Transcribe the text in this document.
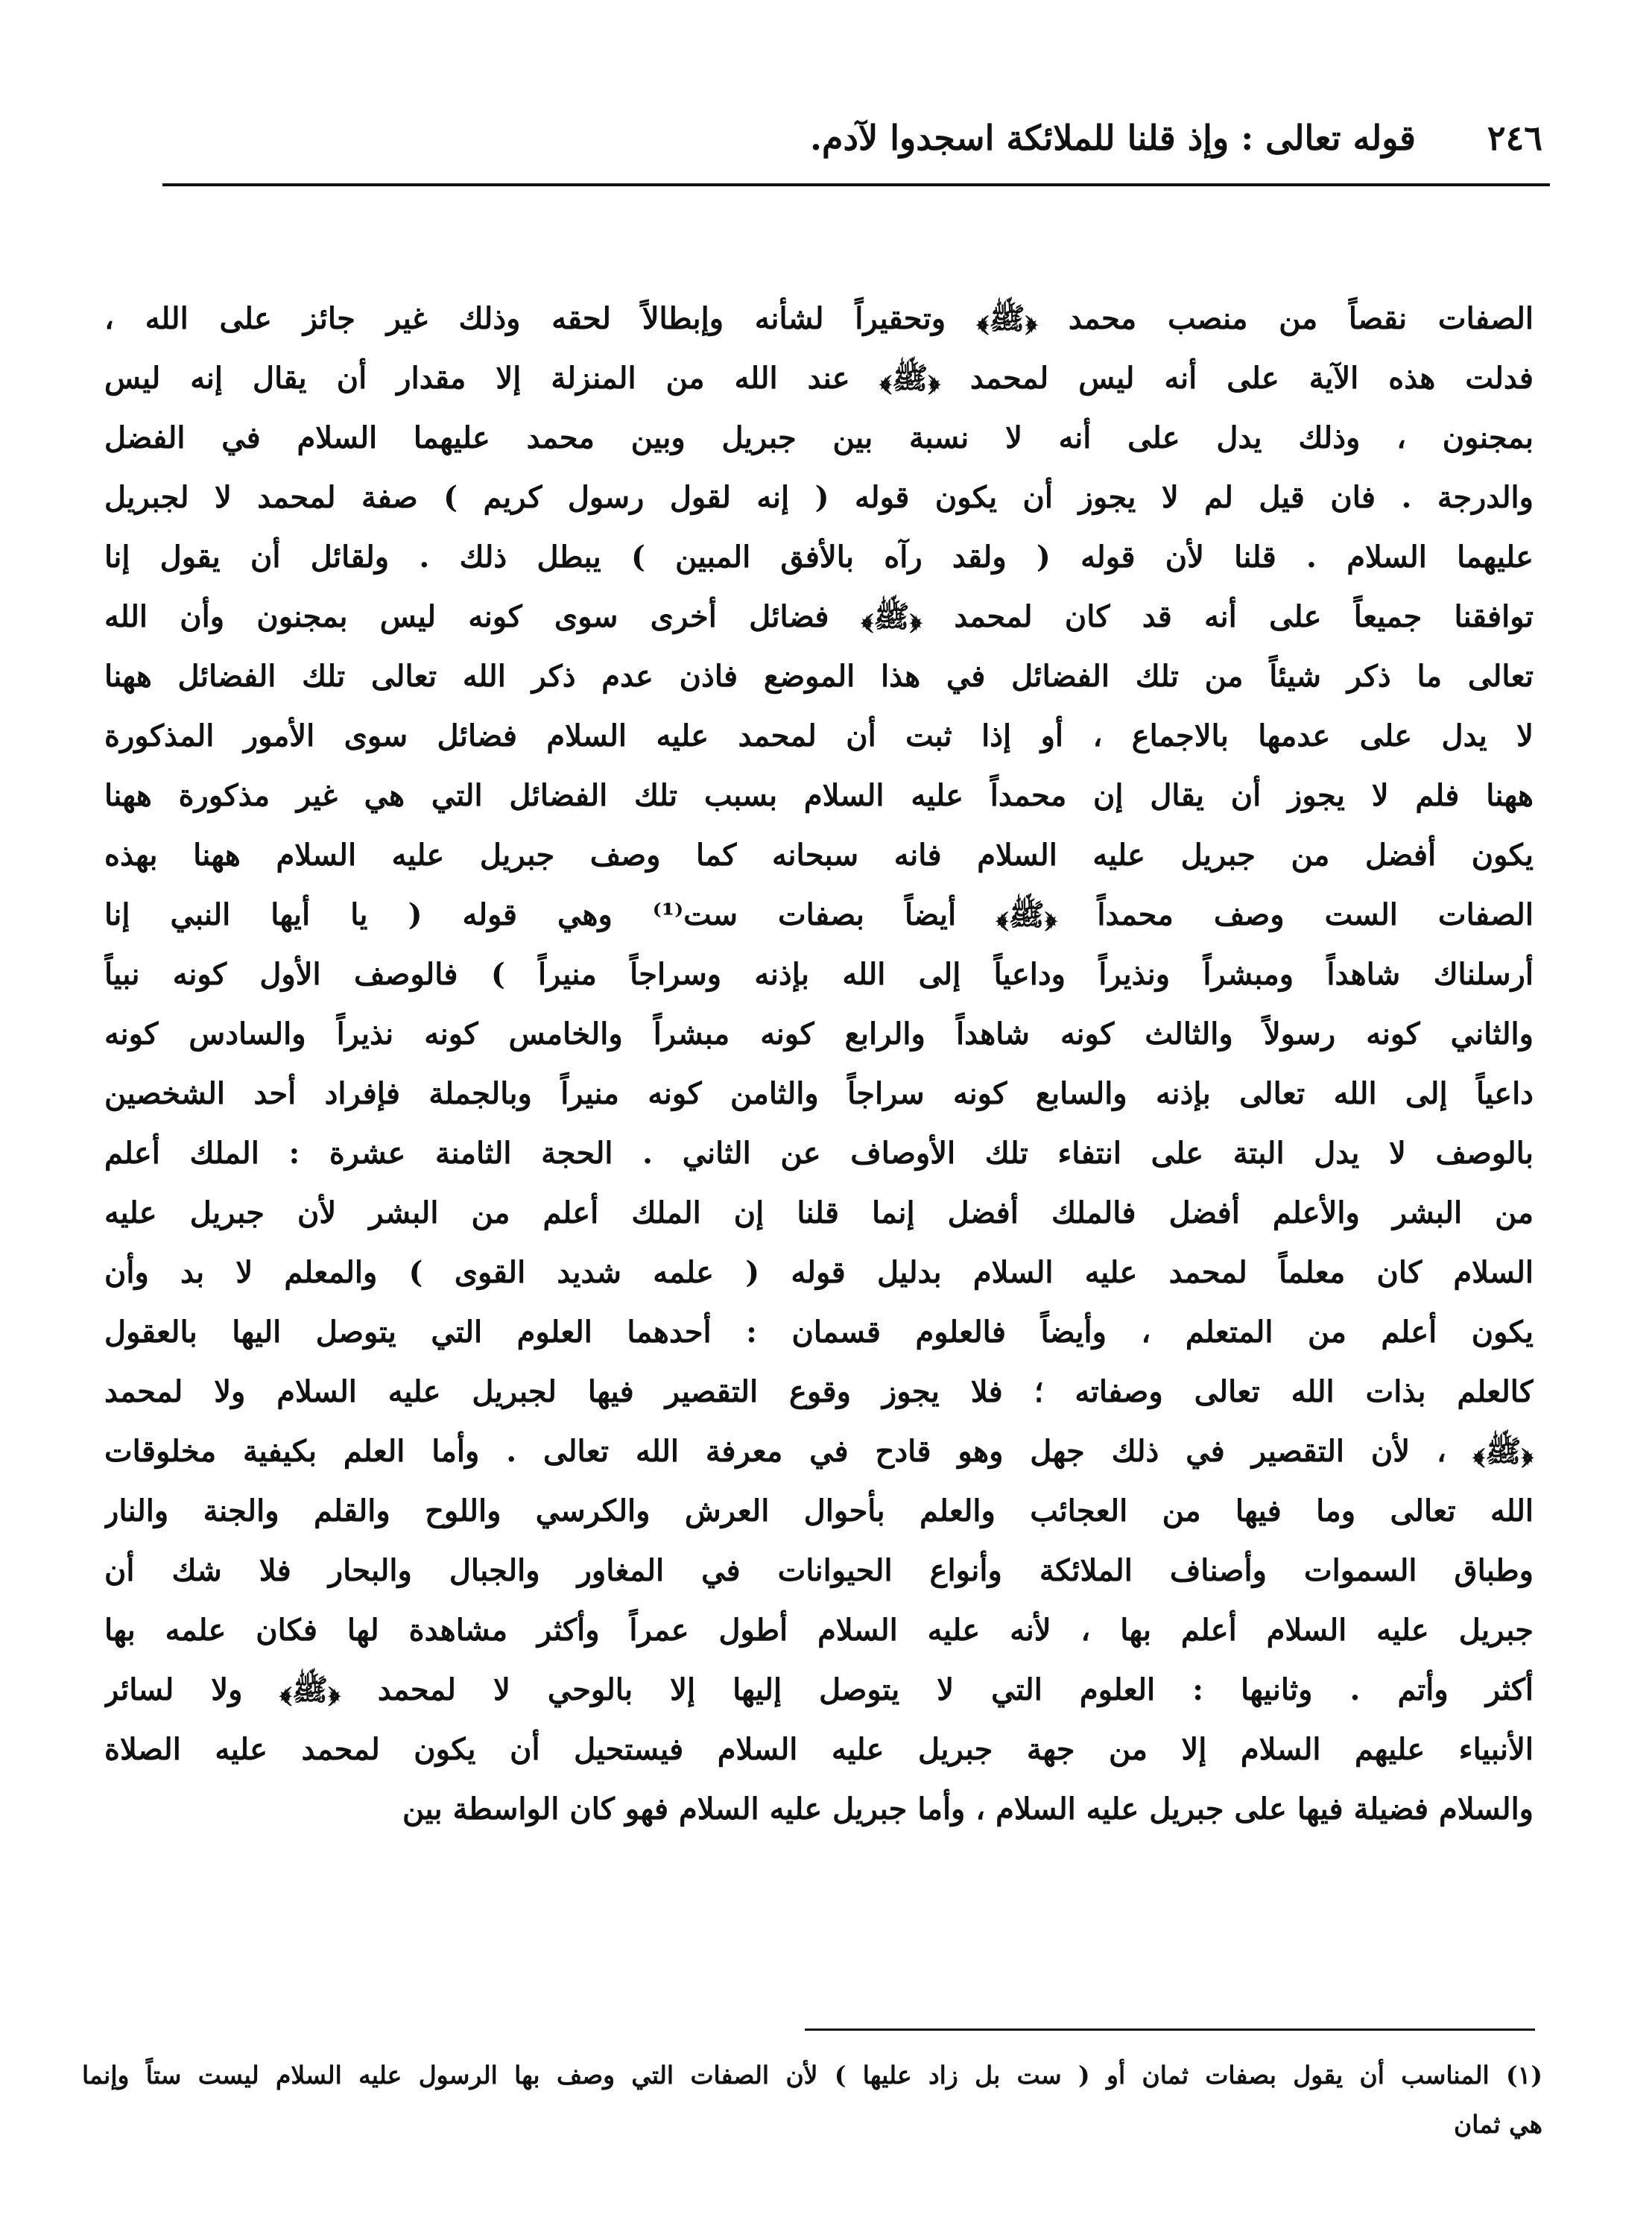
٢٤٦
قوله تعالى : وإذ قلنا للملائكة اسجدوا لآدم.
الصفات نقصاً من منصب محمد ﴿ﷺ﴾ وتحقيراً لشأنه وإبطالاً لحقه وذلك غير جائز على الله ،
فدلت هذه الآية على أنه ليس لمحمد ﴿ﷺ﴾ عند الله من المنزلة إلا مقدار أن يقال إنه ليس
بمجنون ، وذلك يدل على أنه لا نسبة بين جبريل وبين محمد عليهما السلام في الفضل
والدرجة . فان قيل لم لا يجوز أن يكون قوله ( إنه لقول رسول كريم ) صفة لمحمد لا لجبريل
عليهما السلام . قلنا لأن قوله ( ولقد رآه بالأفق المبين ) يبطل ذلك . ولقائل أن يقول إنا
توافقنا جميعاً على أنه قد كان لمحمد ﴿ﷺ﴾ فضائل أخرى سوى كونه ليس بمجنون وأن الله
تعالى ما ذكر شيئاً من تلك الفضائل في هذا الموضع فاذن عدم ذكر الله تعالى تلك الفضائل ههنا
لا يدل على عدمها بالاجماع ، أو إذا ثبت أن لمحمد عليه السلام فضائل سوى الأمور المذكورة
ههنا فلم لا يجوز أن يقال إن محمداً عليه السلام بسبب تلك الفضائل التي هي غير مذكورة ههنا
يكون أفضل من جبريل عليه السلام فانه سبحانه كما وصف جبريل عليه السلام ههنا بهذه
الصفات الست وصف محمداً ﴿ﷺ﴾ أيضاً بصفات ست⁽¹⁾ وهي قوله ( يا أيها النبي إنا
أرسلناك شاهداً ومبشراً ونذيراً وداعياً إلى الله بإذنه وسراجاً منيراً ) فالوصف الأول كونه نبياً
والثاني كونه رسولاً والثالث كونه شاهداً والرابع كونه مبشراً والخامس كونه نذيراً والسادس كونه
داعياً إلى الله تعالى بإذنه والسابع كونه سراجاً والثامن كونه منيراً وبالجملة فإفراد أحد الشخصين
بالوصف لا يدل البتة على انتفاء تلك الأوصاف عن الثاني . الحجة الثامنة عشرة : الملك أعلم
من البشر والأعلم أفضل فالملك أفضل إنما قلنا إن الملك أعلم من البشر لأن جبريل عليه
السلام كان معلماً لمحمد عليه السلام بدليل قوله ( علمه شديد القوى ) والمعلم لا بد وأن
يكون أعلم من المتعلم ، وأيضاً فالعلوم قسمان : أحدهما العلوم التي يتوصل اليها بالعقول
كالعلم بذات الله تعالى وصفاته ؛ فلا يجوز وقوع التقصير فيها لجبريل عليه السلام ولا لمحمد
﴿ﷺ﴾ ، لأن التقصير في ذلك جهل وهو قادح في معرفة الله تعالى . وأما العلم بكيفية مخلوقات
الله تعالى وما فيها من العجائب والعلم بأحوال العرش والكرسي واللوح والقلم والجنة والنار
وطباق السموات وأصناف الملائكة وأنواع الحيوانات في المغاور والجبال والبحار فلا شك أن
جبريل عليه السلام أعلم بها ، لأنه عليه السلام أطول عمراً وأكثر مشاهدة لها فكان علمه بها
أكثر وأتم . وثانيها : العلوم التي لا يتوصل إليها إلا بالوحي لا لمحمد ﴿ﷺ﴾ ولا لسائر
الأنبياء عليهم السلام إلا من جهة جبريل عليه السلام فيستحيل أن يكون لمحمد عليه الصلاة
والسلام فضيلة فيها على جبريل عليه السلام ، وأما جبريل عليه السلام فهو كان الواسطة بين
(١) المناسب أن يقول بصفات ثمان أو ( ست بل زاد عليها ) لأن الصفات التي وصف بها الرسول عليه السلام ليست ستاً وإنما
هي ثمان
